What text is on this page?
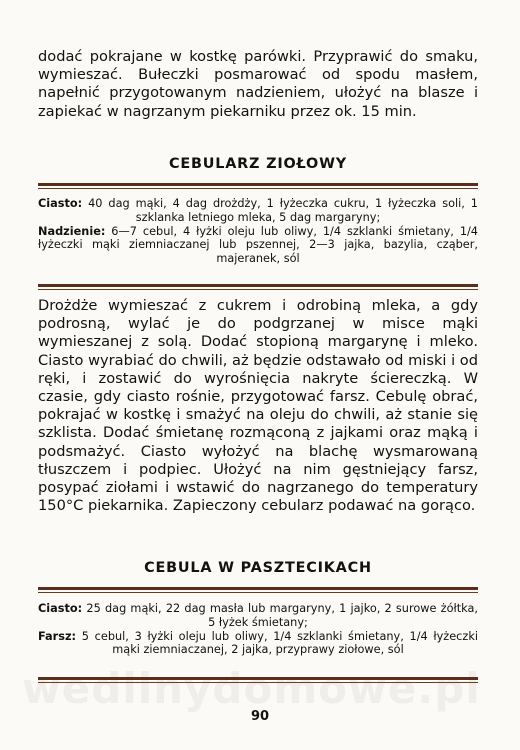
wedlinydomowe.pl

dodać pokrajane w kostkę parówki. Przyprawić do smaku, wymieszać. Bułeczki posmarować od spodu masłem, napełnić przygotowanym nadzieniem, ułożyć na blasze i zapiekać w nagrzanym piekarniku przez ok. 15 min.

CEBULARZ ZIOŁOWY

Ciasto: 40 dag mąki, 4 dag drożdży, 1 łyżeczka cukru, 1 łyżeczka soli, 1 szklanka letniego mleka, 5 dag margaryny;

Nadzienie: 6—7 cebul, 4 łyżki oleju lub oliwy, 1/4 szklanki śmietany, 1/4 łyżeczki mąki ziemniaczanej lub pszennej, 2—3 jajka, bazylia, cząber, majeranek, sól

Drożdże wymieszać z cukrem i odrobiną mleka, a gdy podrosną, wylać je do podgrzanej w misce mąki wymieszanej z solą. Dodać stopioną margarynę i mleko. Ciasto wyrabiać do chwili, aż będzie odstawało od miski i od ręki, i zostawić do wyrośnięcia nakryte ściereczką. W czasie, gdy ciasto rośnie, przygotować farsz. Cebulę obrać, pokrajać w kostkę i smażyć na oleju do chwili, aż stanie się szklista. Dodać śmietanę rozmąconą z jajkami oraz mąką i podsmażyć. Ciasto wyłożyć na blachę wysmarowaną tłuszczem i podpiec. Ułożyć na nim gęstniejący farsz, posypać ziołami i wstawić do nagrzanego do temperatury 150°C piekarnika. Zapieczony cebularz podawać na gorąco.

CEBULA W PASZTECIKACH

Ciasto: 25 dag mąki, 22 dag masła lub margaryny, 1 jajko, 2 surowe żółtka, 5 łyżek śmietany;

Farsz: 5 cebul, 3 łyżki oleju lub oliwy, 1/4 szklanki śmietany, 1/4 łyżeczki mąki ziemniaczanej, 2 jajka, przyprawy ziołowe, sól

90
